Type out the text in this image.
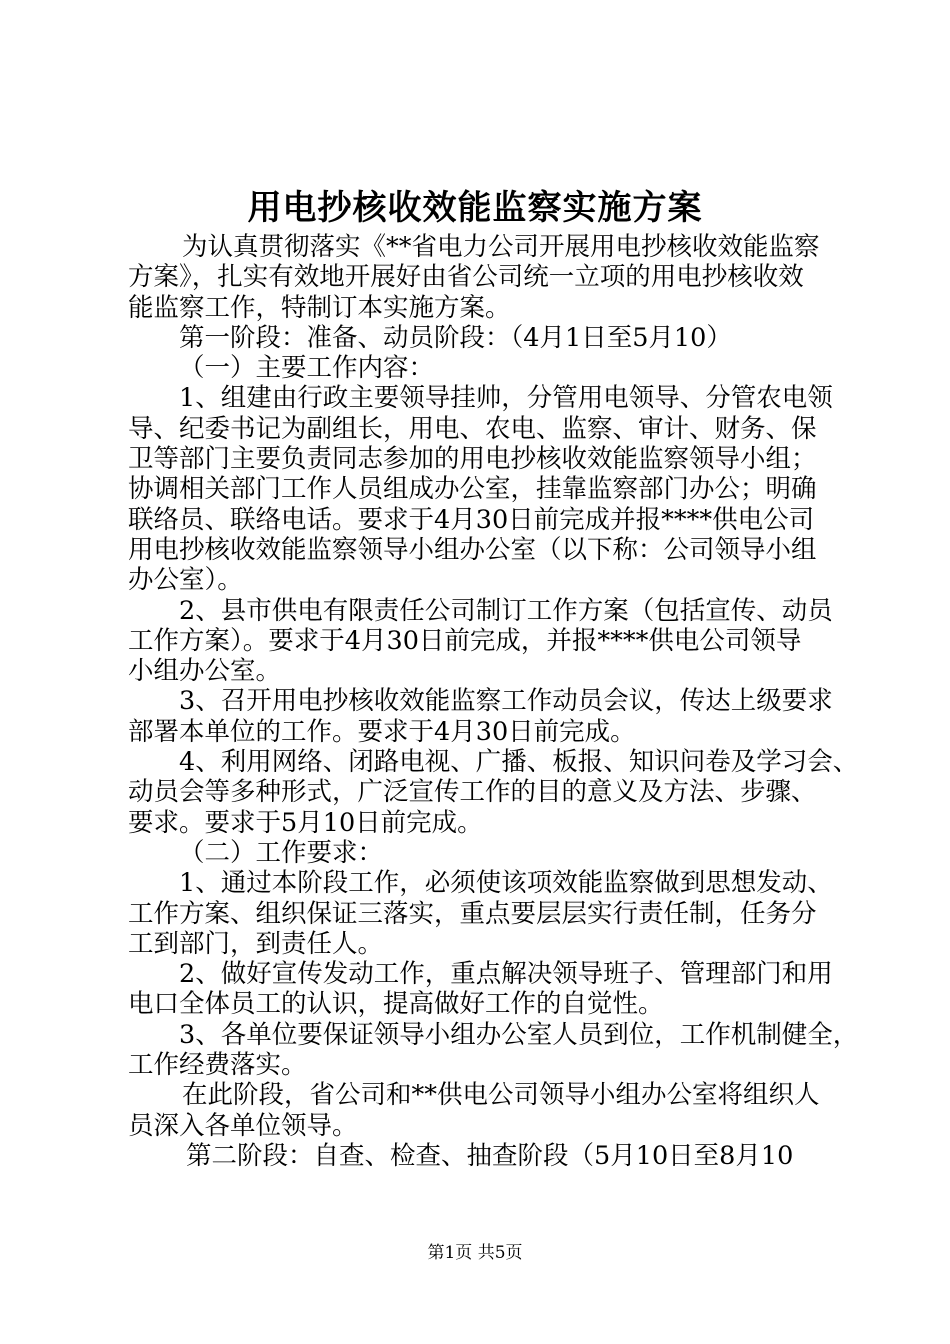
用电抄核收效能监察实施方案
为认真贯彻落实《**省电力公司开展用电抄核收效能监察
方案》，扎实有效地开展好由省公司统一立项的用电抄核收效
能监察工作，特制订本实施方案。
第一阶段：准备、动员阶段：（4月1日至5月10）
（一）主要工作内容：
1、组建由行政主要领导挂帅，分管用电领导、分管农电领
导、纪委书记为副组长，用电、农电、监察、审计、财务、保
卫等部门主要负责同志参加的用电抄核收效能监察领导小组；
协调相关部门工作人员组成办公室，挂靠监察部门办公；明确
联络员、联络电话。要求于4月30日前完成并报****供电公司
用电抄核收效能监察领导小组办公室（以下称：公司领导小组
办公室）。
2、县市供电有限责任公司制订工作方案（包括宣传、动员
工作方案）。要求于4月30日前完成，并报****供电公司领导
小组办公室。
3、召开用电抄核收效能监察工作动员会议，传达上级要求
部署本单位的工作。要求于4月30日前完成。
4、利用网络、闭路电视、广播、板报、知识问卷及学习会、
动员会等多种形式，广泛宣传工作的目的意义及方法、步骤、
要求。要求于5月10日前完成。
（二）工作要求：
1、通过本阶段工作，必须使该项效能监察做到思想发动、
工作方案、组织保证三落实，重点要层层实行责任制，任务分
工到部门，到责任人。
2、做好宣传发动工作，重点解决领导班子、管理部门和用
电口全体员工的认识，提高做好工作的自觉性。
3、各单位要保证领导小组办公室人员到位，工作机制健全，
工作经费落实。
在此阶段，省公司和**供电公司领导小组办公室将组织人
员深入各单位领导。
第二阶段：自查、检查、抽查阶段（5月10日至8月10
第1页 共5页
